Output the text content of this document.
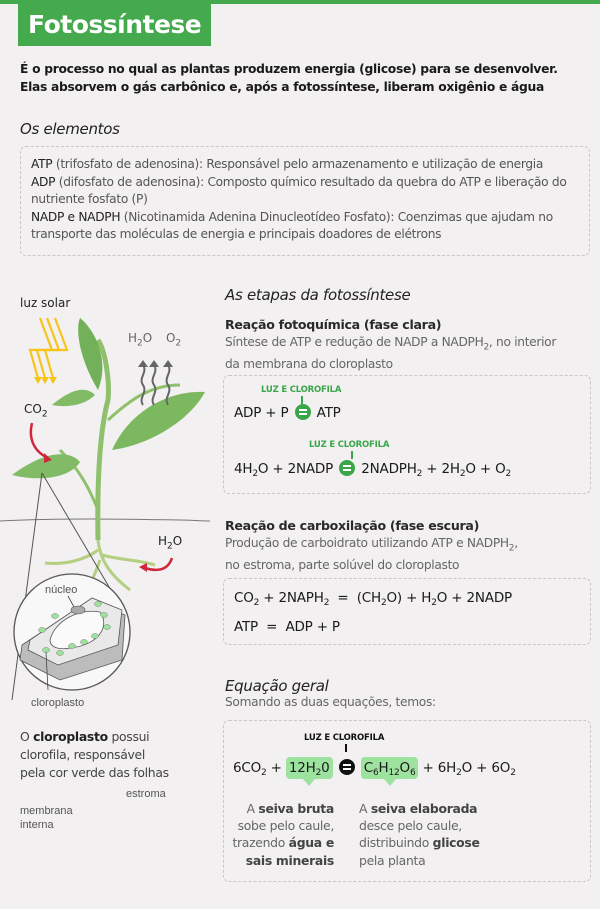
Fotossíntese
É o processo no qual as plantas produzem energia (glicose) para se desenvolver.
Elas absorvem o gás carbônico e, após a fotossíntese, liberam oxigênio e água
Os elementos

ATP (trifosfato de adenosina): Responsável pelo armazenamento e utilização de energia

ADP (difosfato de adenosina): Composto químico resultado da quebra do ATP e liberação do nutriente fosfato (P)

NADP e NADPH (Nicotinamida Adenina Dinucleotídeo Fosfato): Coenzimas que ajudam no transporte das moléculas de energia e principais doadores de elétrons

luz solar
$CO_2$
$H_2O$ $O_2$
$H_2O$
núcleo
cloroplasto
O cloroplasto possui
clorofila, responsável
pela cor verde das folhas
estroma
membrana
interna
As etapas da fotossíntese
Reação fotoquímica (fase clara)
Síntese de ATP e redução de NADP a $NADPH_2$, no interior
da membrana do cloroplasto
LUZ E CLOROFILA
ADP + P ATP
LUZ E CLOROFILA
$4H_2O$ + 2NADP $2NADPH_2 + 2H_2O + O_2$
Reação de carboxilação (fase escura)
Produção de carboidrato utilizando ATP e $NADPH_2$,
no estroma, parte solúvel do cloroplasto
$CO_2$ + $2NAPH_2 = (CH_2O) + H_2O$ + 2NADP
ATP  =  ADP + P
Equação geral
Somando as duas equações, temos:
LUZ E CLOROFILA
$6CO_2 + 12H_20$	$C_6H_{12}O_6 + 6H_2O + 6O_2$
A seiva bruta
sobe pelo caule,
trazendo água e
sais minerais
A seiva elaborada
desce pelo caule,
distribuindo glicose
pela planta
